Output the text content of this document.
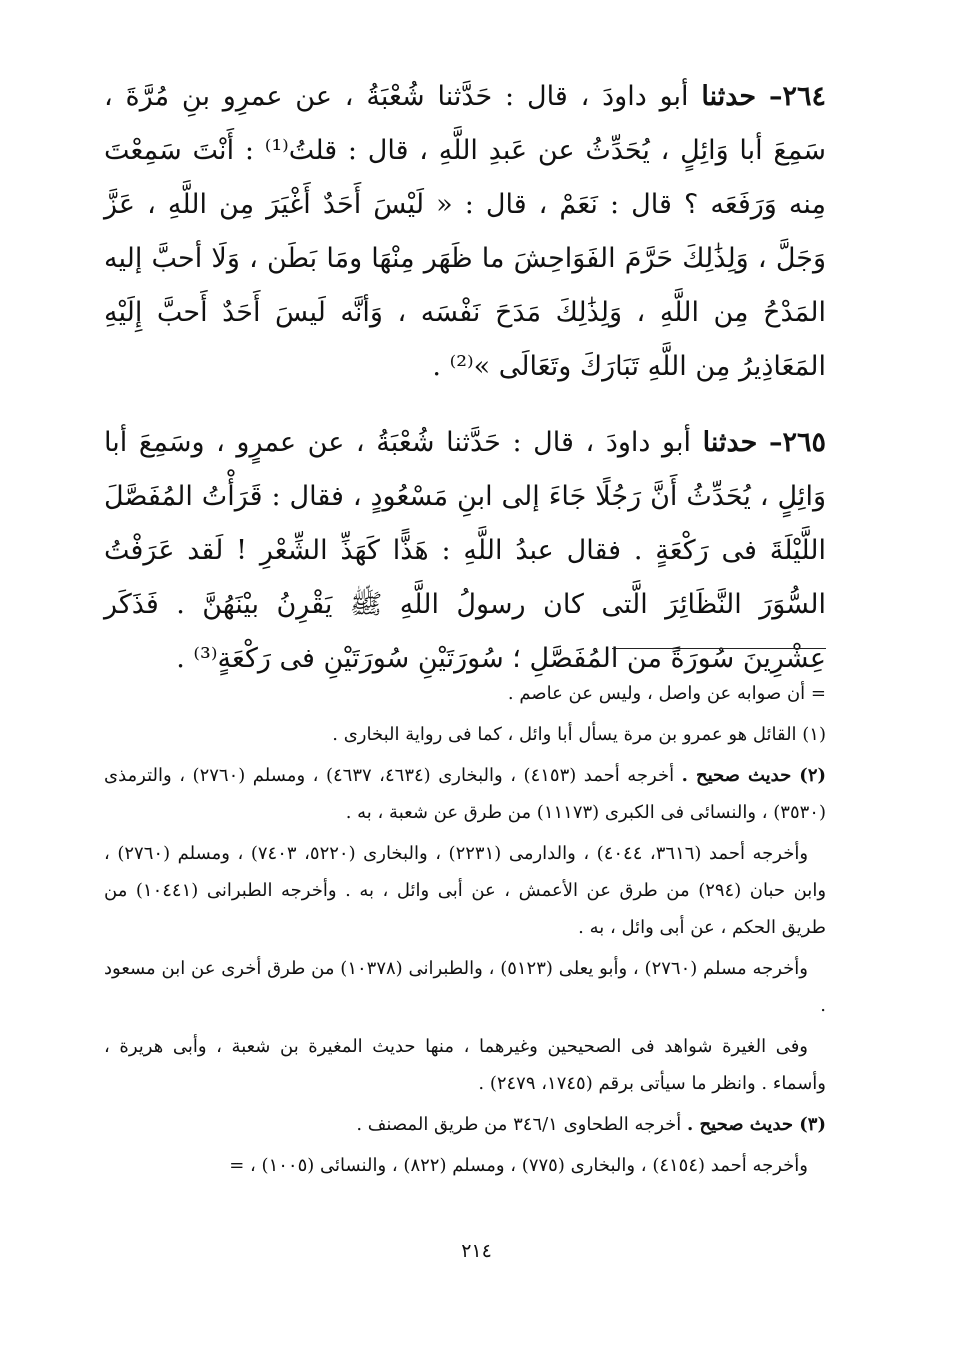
٢٦٤– حدثنا أبو داودَ ، قال : حَدَّثنا شُعْبَةُ ، عن عمرِو بنِ مُرَّةَ ، سَمِعَ أبا وَائِلٍ ، يُحَدِّثُ عن عَبدِ اللَّهِ ، قال : قلتُ⁽¹⁾ : أَنْتَ سَمِعْتَ مِنه وَرَفَعَه ؟ قال : نَعَمْ ، قال : « لَيْسَ أَحَدٌ أَغْيَرَ مِن اللَّهِ ، عَزَّ وَجَلَّ ، وَلِذَٰلِكَ حَرَّمَ الفَوَاحِشَ ما ظَهَر مِنْهَا ومَا بَطَن ، وَلَا أحبَّ إليه المَدْحُ مِن اللَّهِ ، وَلِذَٰلِكَ مَدَحَ نَفْسَه ، وَأنَّه لَيسَ أَحَدٌ أَحبَّ إِلَيْهِ المَعَاذِيرُ مِن اللَّهِ تَبَارَكَ وتَعَالَى »⁽²⁾ .

٢٦٥– حدثنا أبو داودَ ، قال : حَدَّثنا شُعْبَةُ ، عن عمرٍو ، وسَمِعَ أبا وَائِلٍ ، يُحَدِّثُ أَنَّ رَجُلًا جَاءَ إلى ابنِ مَسْعُودٍ ، فقال : قَرَأْتُ المُفَصَّلَ اللَّيْلَةَ فى رَكْعَةٍ . فقال عبدُ اللَّهِ : هَذًّا كَهَذِّ الشِّعْرِ ! لَقد عَرَفْتُ السُّوَرَ النَّظَائِرَ الَّتى كان رسولُ اللَّهِ ﷺ يَقْرِنُ بيْنَهُنَّ . فَذَكَر عِشْرِينَ سُورَةً من المُفَصَّلِ ؛ سُورَتَيْنِ سُورَتَيْنِ فى رَكْعَةٍ⁽³⁾ .

= أن صوابه عن واصل ، وليس عن عاصم .

(١) القائل هو عمرو بن مرة يسأل أبا وائل ، كما فى رواية البخارى .

(٢) حديث صحيح . أخرجه أحمد (٤١٥٣) ، والبخارى (٤٦٣٤، ٤٦٣٧) ، ومسلم (٢٧٦٠) ، والترمذى (٣٥٣٠) ، والنسائى فى الكبرى (١١١٧٣) من طرق عن شعبة ، به .

وأخرجه أحمد (٣٦١٦، ٤٠٤٤) ، والدارمى (٢٢٣١) ، والبخارى (٥٢٢٠، ٧٤٠٣) ، ومسلم (٢٧٦٠) ، وابن حبان (٢٩٤) من طرق عن الأعمش ، عن أبى وائل ، به . وأخرجه الطبرانى (١٠٤٤١) من طريق الحكم ، عن أبى وائل ، به .

وأخرجه مسلم (٢٧٦٠) ، وأبو يعلى (٥١٢٣) ، والطبرانى (١٠٣٧٨) من طرق أخرى عن ابن مسعود .

وفى الغيرة شواهد فى الصحيحين وغيرهما ، منها حديث المغيرة بن شعبة ، وأبى هريرة ، وأسماء . وانظر ما سيأتى برقم (١٧٤٥، ٢٤٧٩) .

(٣) حديث صحيح . أخرجه الطحاوى ٣٤٦/١ من طريق المصنف .

وأخرجه أحمد (٤١٥٤) ، والبخارى (٧٧٥) ، ومسلم (٨٢٢) ، والنسائى (١٠٠٥) ، =

٢١٤
